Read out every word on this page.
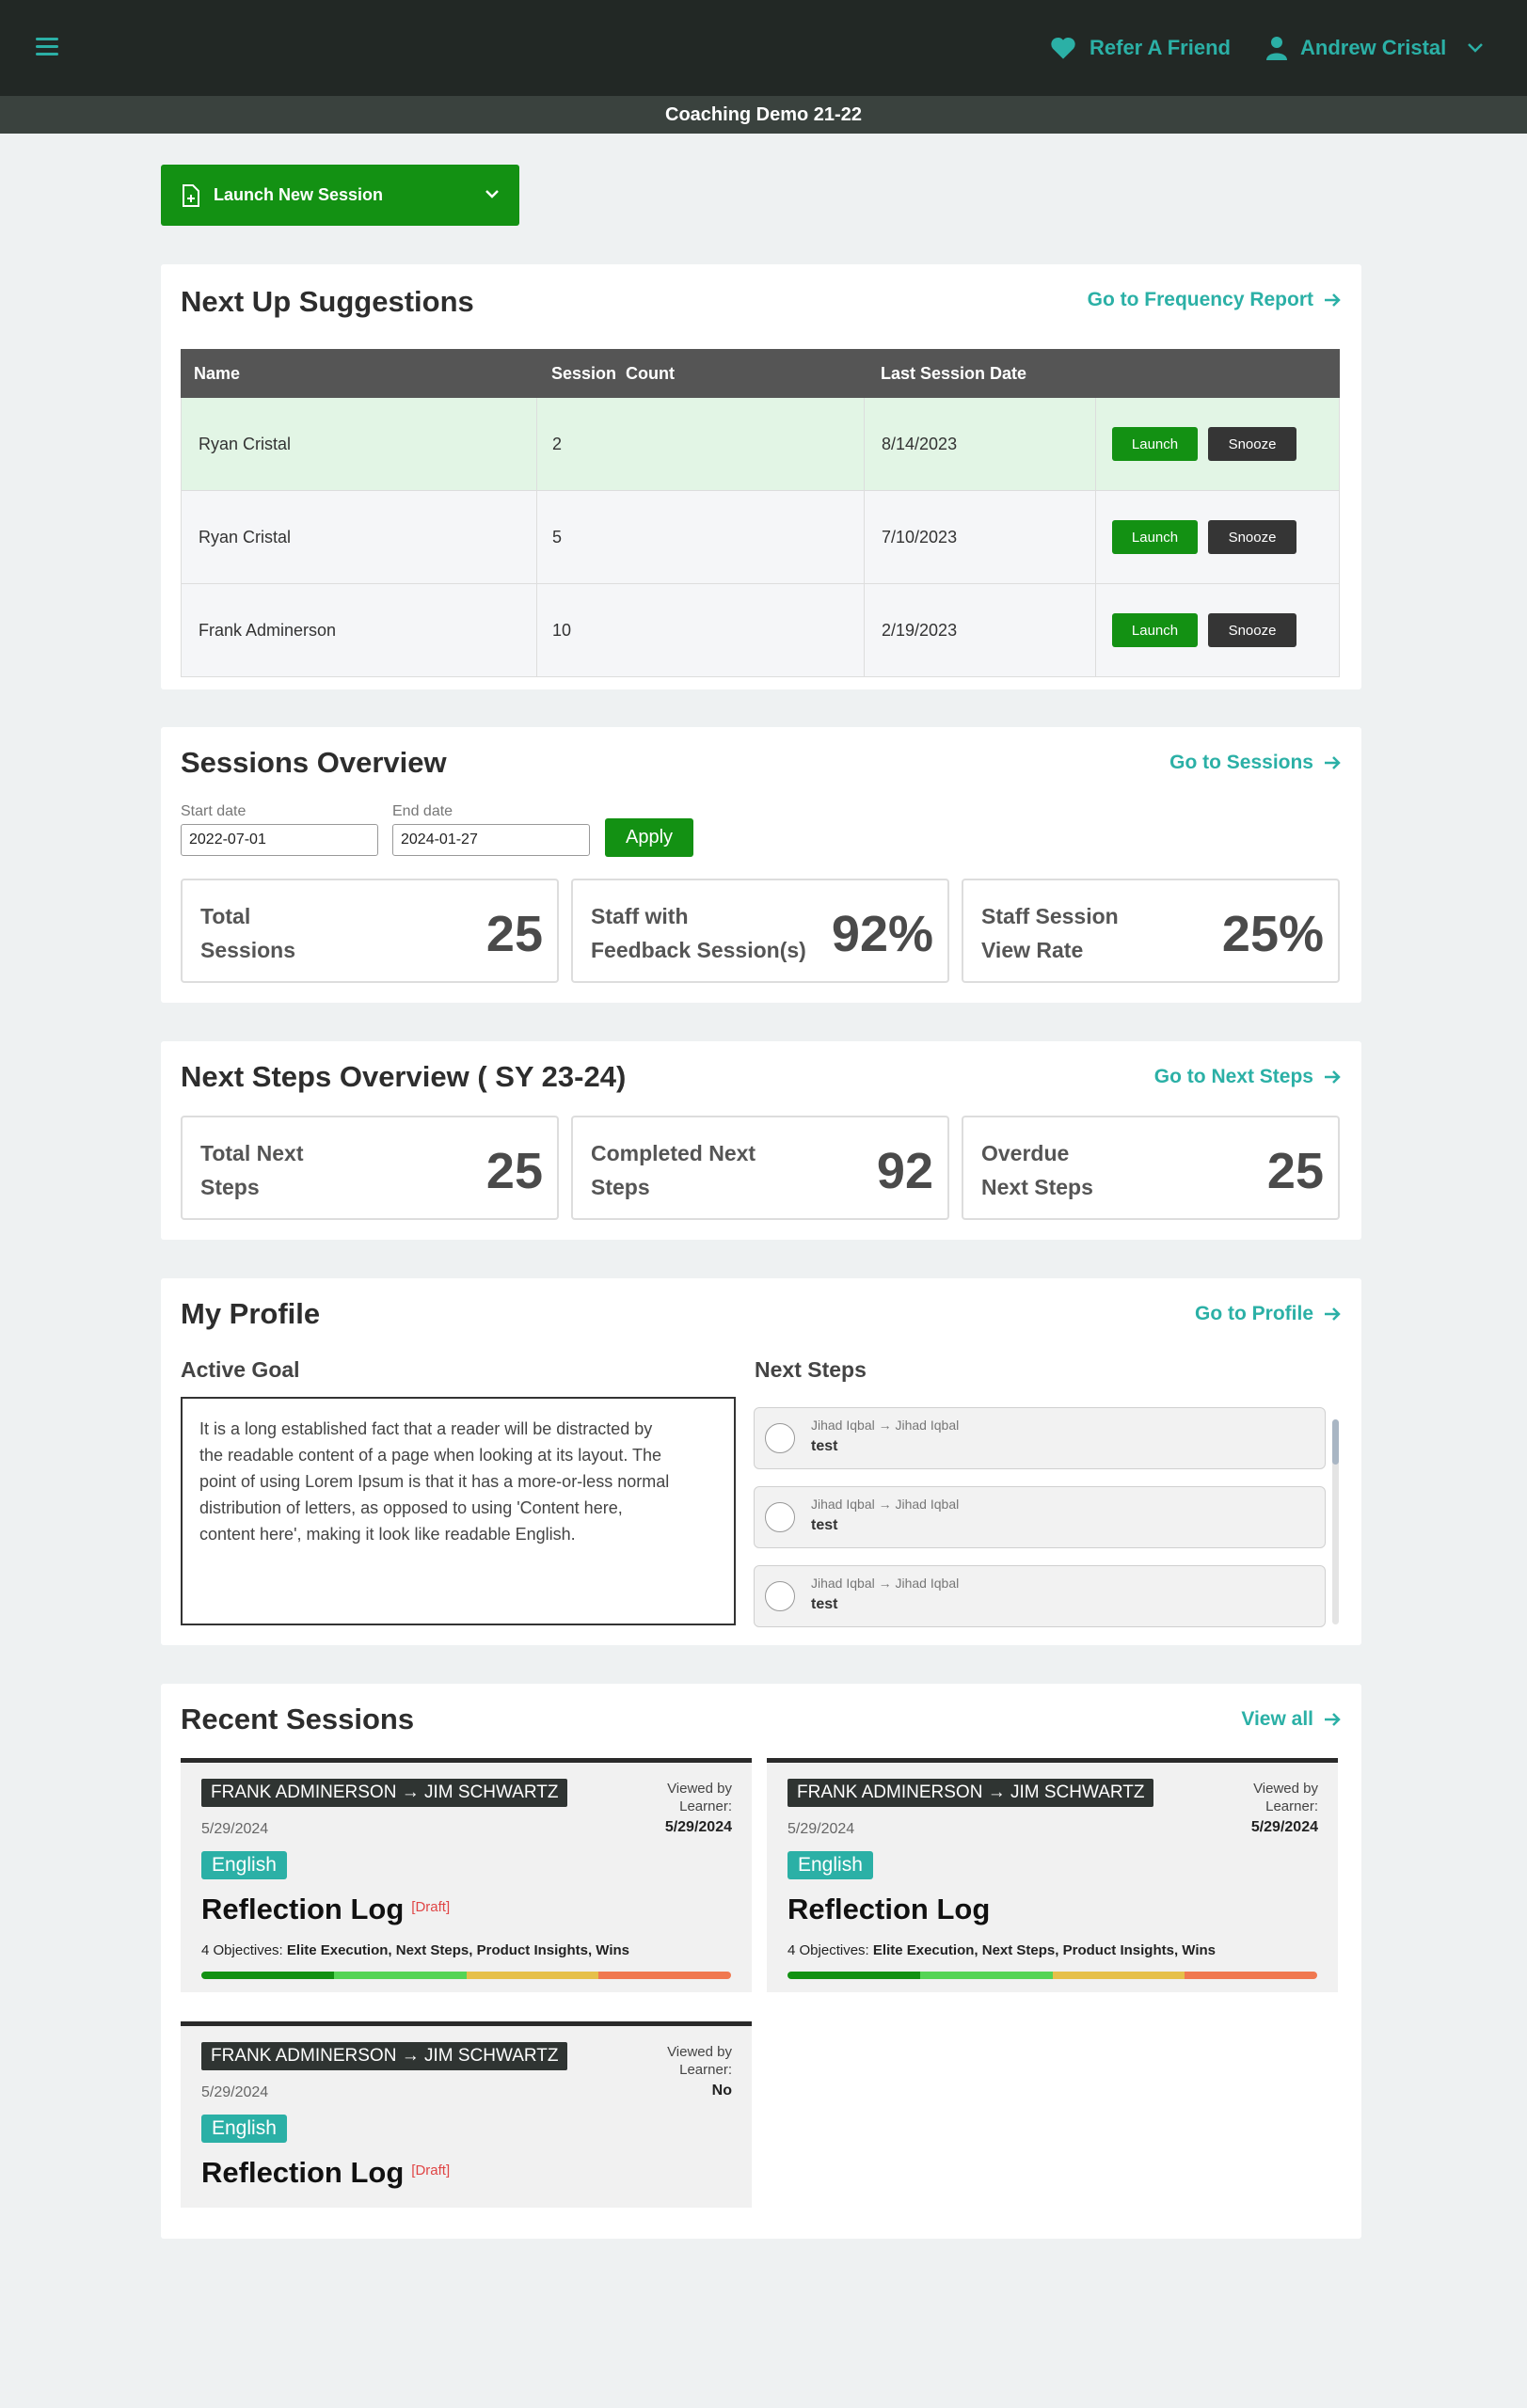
Refer A Friend	Andrew Cristal
Coaching Demo 21-22
Launch New Session
Next Up Suggestions	Go to Frequency Report
Name	Session  Count	Last Session Date
Ryan Cristal	2	8/14/2023	Launch	Snooze
Ryan Cristal	5	7/10/2023	Launch	Snooze
Frank Adminerson	10	2/19/2023	Launch	Snooze
Sessions Overview	Go to Sessions
Start date
2022-07-01
End date
2024-01-27	Apply
Total
Sessions	25 Staff with
Feedback Session(s) 92% Staff Session
View Rate	25%
Next Steps Overview ( SY 23-24)	Go to Next Steps
Total Next
Steps	25 Completed Next
Steps	92 Overdue
Next Steps	25
My Profile	Go to Profile
Active Goal
It is a long established fact that a reader will be distracted by
the readable content of a page when looking at its layout. The
point of using Lorem Ipsum is that it has a more-or-less normal
distribution of letters, as opposed to using 'Content here,
content here', making it look like readable English.
Next Steps
Jihad Iqbal → Jihad Iqbal
test
Jihad Iqbal → Jihad Iqbal
test
Jihad Iqbal → Jihad Iqbal
test
Recent Sessions	View all
FRANK ADMINERSON → JIM SCHWARTZ
5/29/2024
Viewed by
Learner:
5/29/2024
English
Reflection Log [Draft]
4 Objectives: Elite Execution, Next Steps, Product Insights, Wins
FRANK ADMINERSON → JIM SCHWARTZ
5/29/2024
Viewed by
Learner:
5/29/2024
English
Reflection Log
4 Objectives: Elite Execution, Next Steps, Product Insights, Wins
FRANK ADMINERSON → JIM SCHWARTZ
5/29/2024
Viewed by
Learner:
No
English
Reflection Log [Draft]
